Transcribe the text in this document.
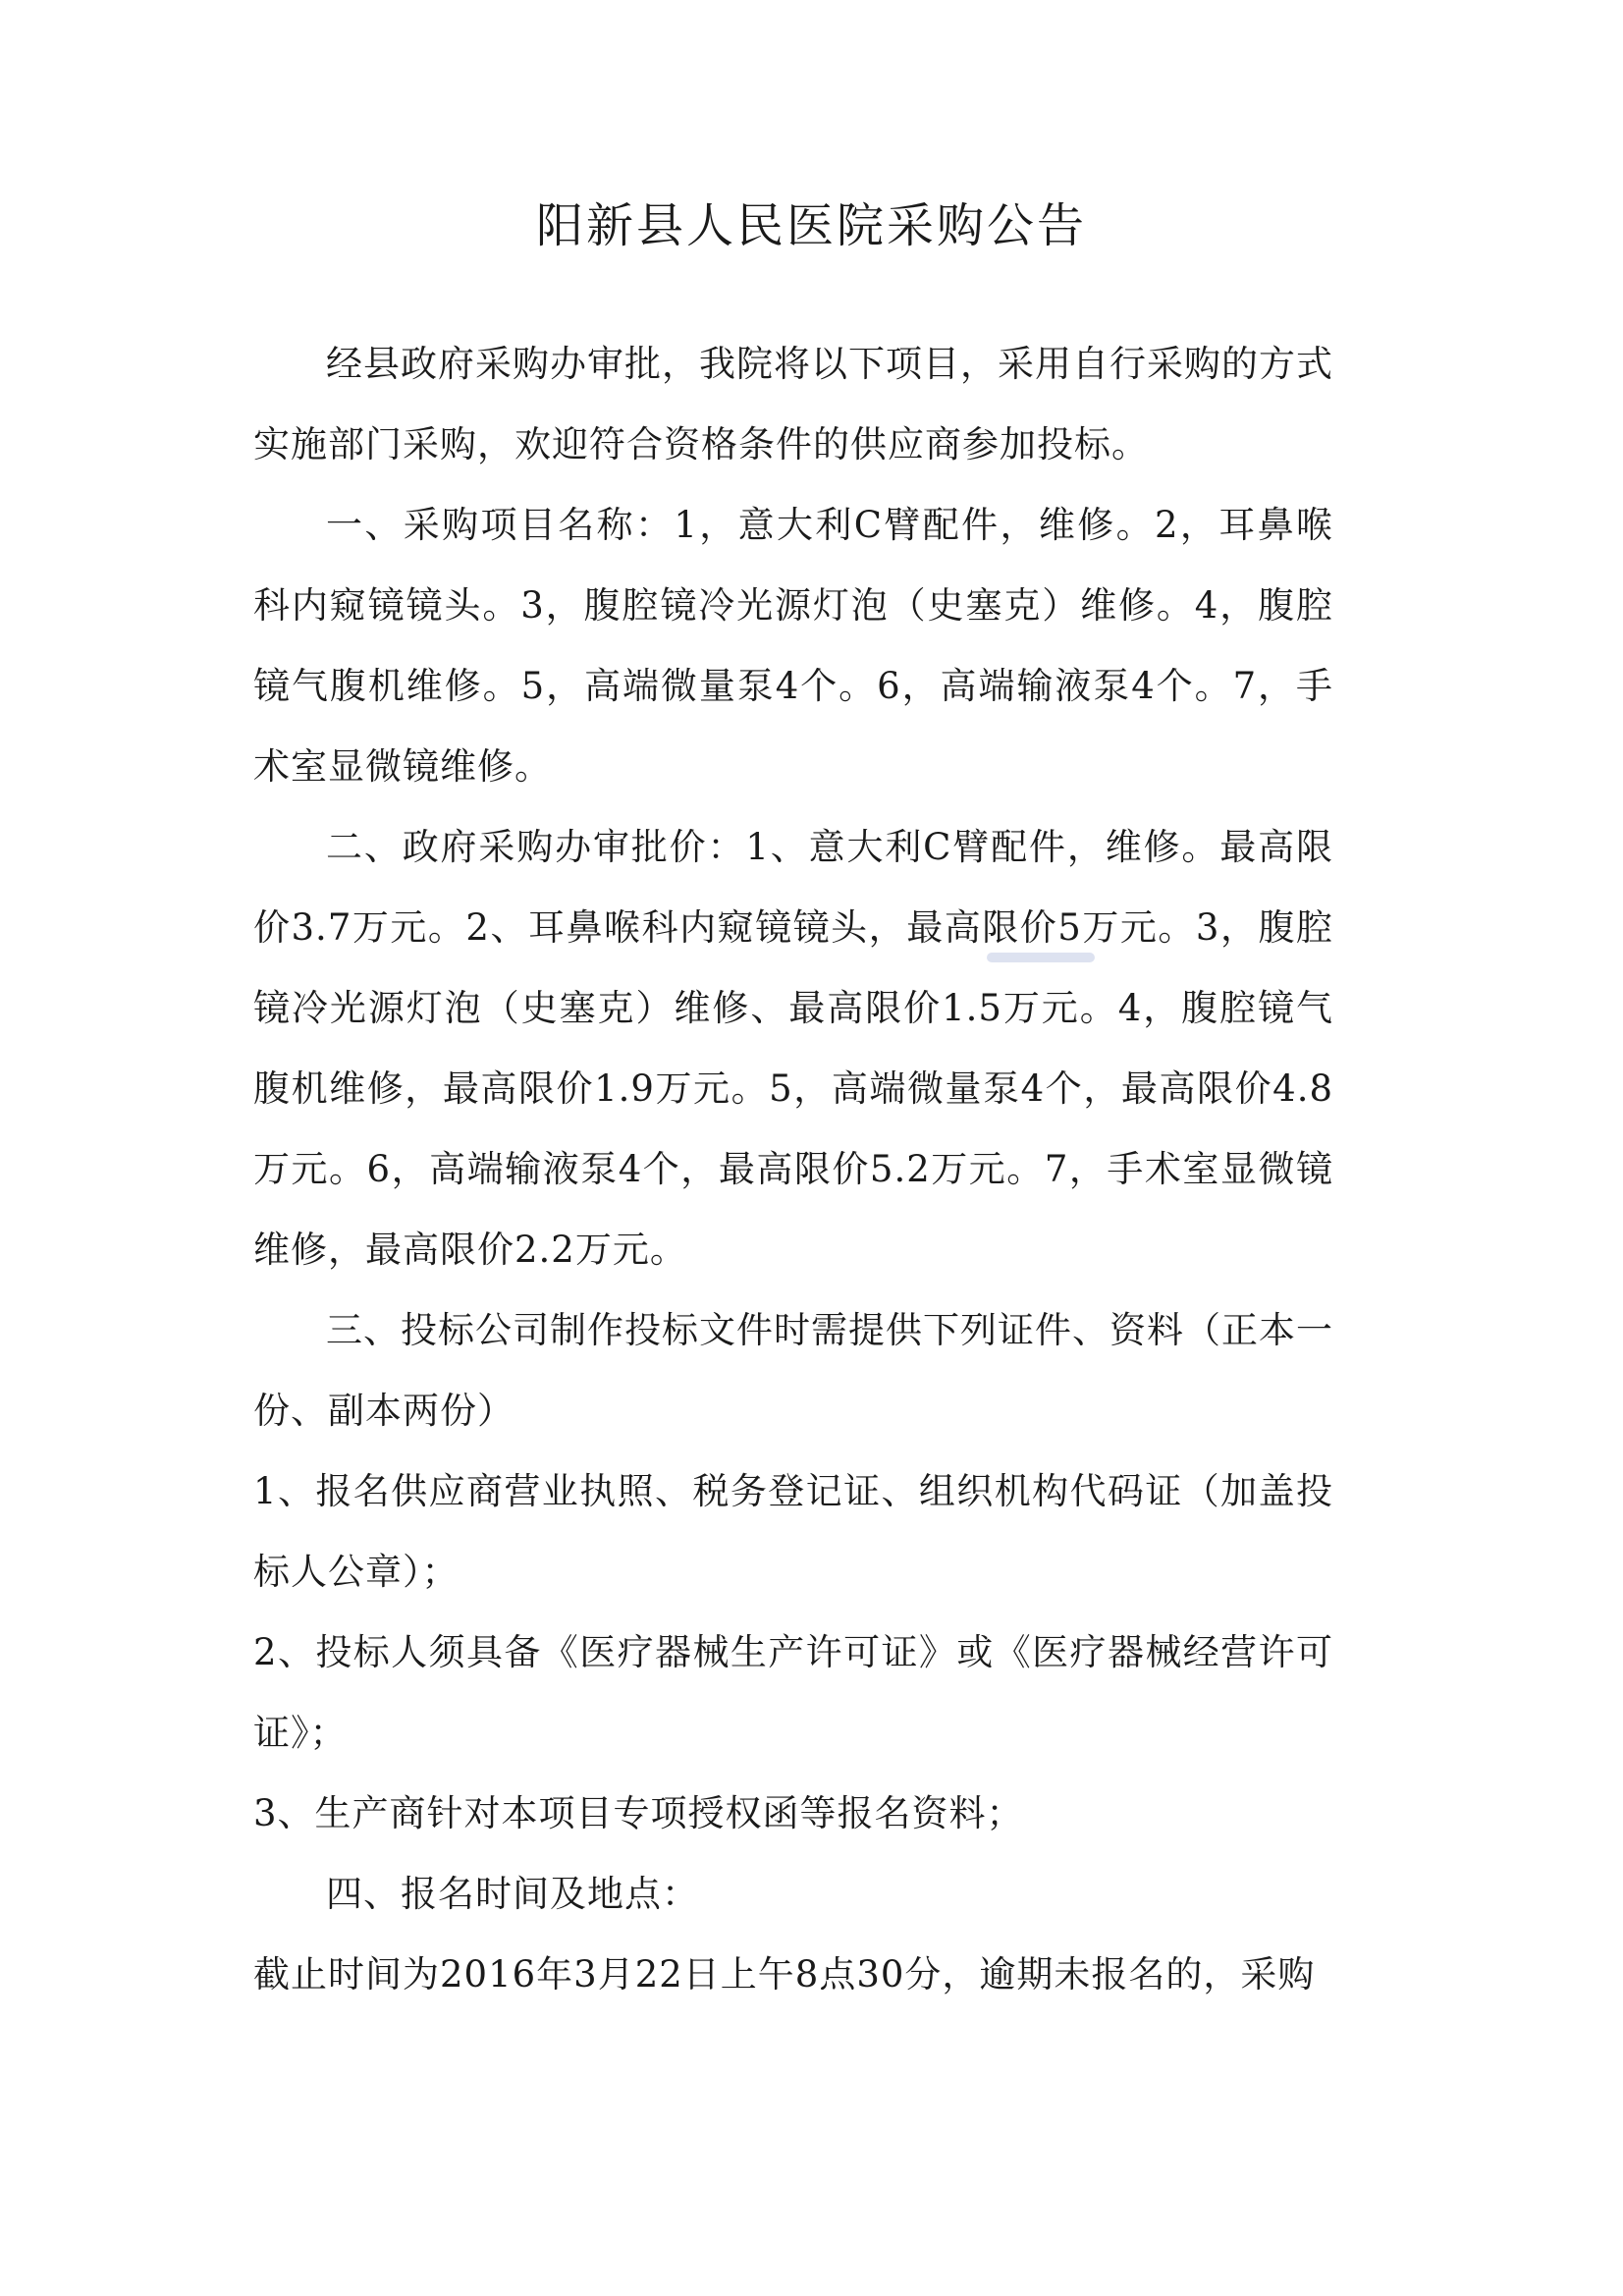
阳新县人民医院采购公告

经县政府采购办审批，我院将以下项目，采用自行采购的方式实施部门采购，欢迎符合资格条件的供应商参加投标。

一、采购项目名称：1，意大利C臂配件，维修。2，耳鼻喉科内窥镜镜头。3，腹腔镜冷光源灯泡（史塞克）维修。4，腹腔镜气腹机维修。5，高端微量泵4个。6，高端输液泵4个。7，手术室显微镜维修。

二、政府采购办审批价：1、意大利C臂配件，维修。最高限价3.7万元。2、耳鼻喉科内窥镜镜头，最高限价5万元。3，腹腔镜冷光源灯泡（史塞克）维修、最高限价1.5万元。4，腹腔镜气腹机维修，最高限价1.9万元。5，高端微量泵4个，最高限价4.8万元。6，高端输液泵4个，最高限价5.2万元。7，手术室显微镜维修，最高限价2.2万元。

三、投标公司制作投标文件时需提供下列证件、资料（正本一份、副本两份）

1、报名供应商营业执照、税务登记证、组织机构代码证（加盖投标人公章）；

2、投标人须具备《医疗器械生产许可证》或《医疗器械经营许可证》；

3、生产商针对本项目专项授权函等报名资料；

四、报名时间及地点：

截止时间为2016年3月22日上午8点30分，逾期未报名的，采购
